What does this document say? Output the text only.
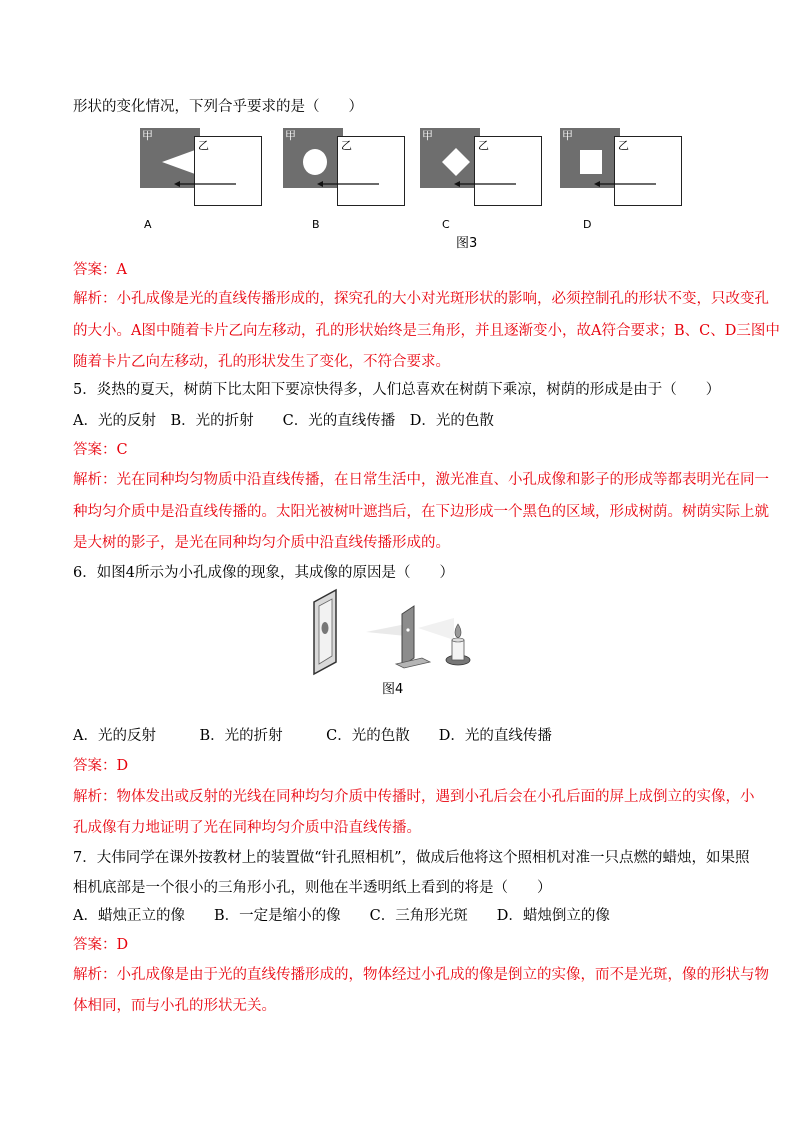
形状的变化情况，下列合乎要求的是（　　）
甲
乙
A
甲
乙
B
甲
乙
C
甲
乙
D
图3
答案：A
解析：小孔成像是光的直线传播形成的，探究孔的大小对光斑形状的影响，必须控制孔的形状不变，只改变孔
的大小。A图中随着卡片乙向左移动，孔的形状始终是三角形，并且逐渐变小，故A符合要求；B、C、D三图中
随着卡片乙向左移动，孔的形状发生了变化，不符合要求。
5．炎热的夏天，树荫下比太阳下要凉快得多，人们总喜欢在树荫下乘凉，树荫的形成是由于（　　）
A．光的反射　B．光的折射　　C．光的直线传播　D．光的色散
答案：C
解析：光在同种均匀物质中沿直线传播，在日常生活中，激光准直、小孔成像和影子的形成等都表明光在同一
种均匀介质中是沿直线传播的。太阳光被树叶遮挡后，在下边形成一个黑色的区域，形成树荫。树荫实际上就
是大树的影子，是光在同种均匀介质中沿直线传播形成的。
6．如图4所示为小孔成像的现象，其成像的原因是（　　）
图4
A．光的反射　　　B．光的折射　　　C．光的色散　　D．光的直线传播
答案：D
解析：物体发出或反射的光线在同种均匀介质中传播时，遇到小孔后会在小孔后面的屏上成倒立的实像，小
孔成像有力地证明了光在同种均匀介质中沿直线传播。
7．大伟同学在课外按教材上的装置做“针孔照相机”，做成后他将这个照相机对准一只点燃的蜡烛，如果照
相机底部是一个很小的三角形小孔，则他在半透明纸上看到的将是（　　）
A．蜡烛正立的像　　B．一定是缩小的像　　C．三角形光斑　　D．蜡烛倒立的像
答案：D
解析：小孔成像是由于光的直线传播形成的，物体经过小孔成的像是倒立的实像，而不是光斑，像的形状与物
体相同，而与小孔的形状无关。
